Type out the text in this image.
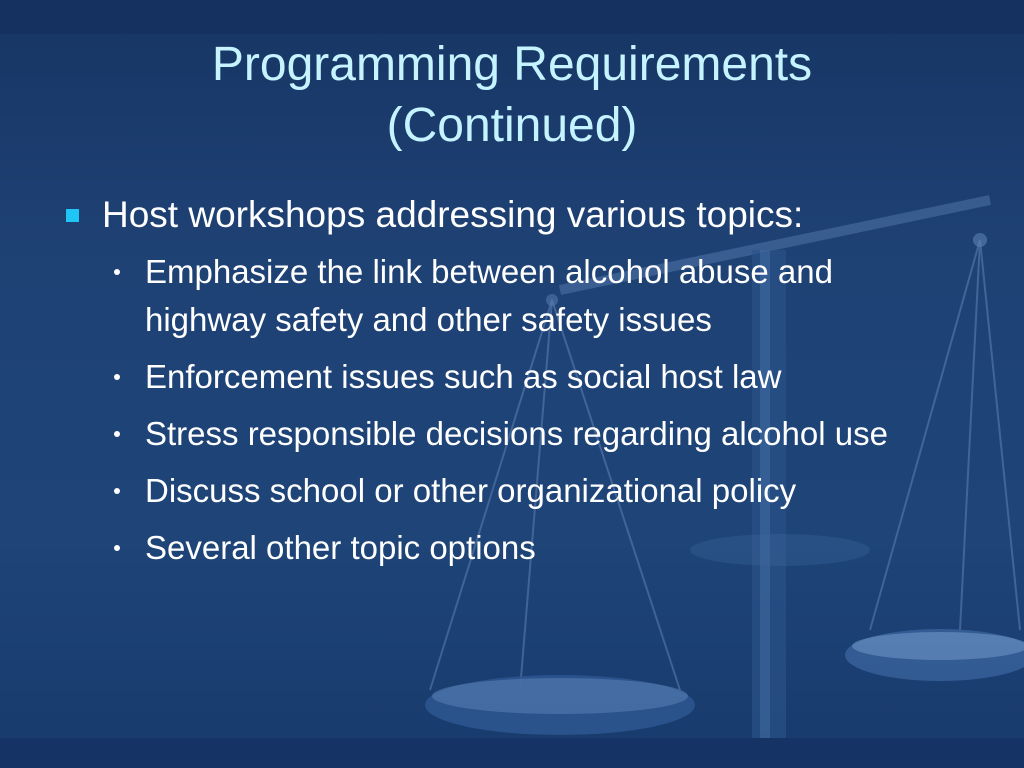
Programming Requirements
(Continued)
Host workshops addressing various topics:
Emphasize the link between alcohol abuse and highway safety and other safety issues
Enforcement issues such as social host law
Stress responsible decisions regarding alcohol use
Discuss school or other organizational policy
Several other topic options
